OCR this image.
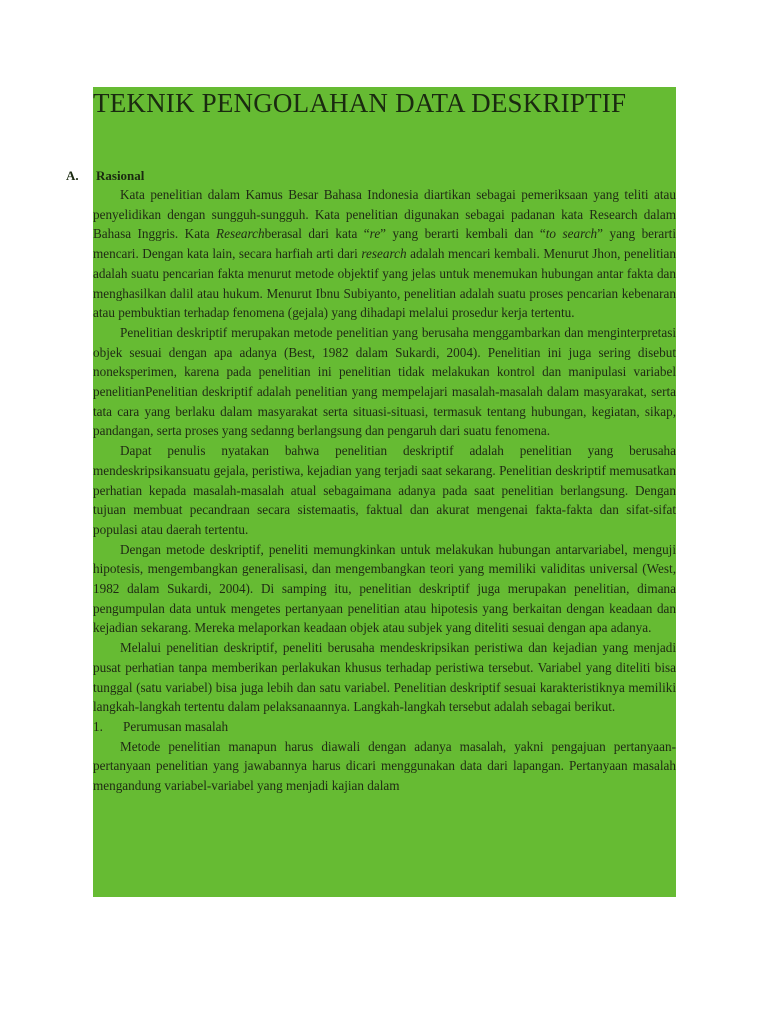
TEKNIK PENGOLAHAN DATA DESKRIPTIF
A. Rasional

Kata penelitian dalam Kamus Besar Bahasa Indonesia diartikan sebagai pemeriksaan yang teliti atau penyelidikan dengan sungguh-sungguh. Kata penelitian digunakan sebagai padanan kata Research dalam Bahasa Inggris. Kata Researchberasal dari kata “re” yang berarti kembali dan “to search” yang berarti mencari. Dengan kata lain, secara harfiah arti dari research adalah mencari kembali. Menurut Jhon, penelitian adalah suatu pencarian fakta menurut metode objektif yang jelas untuk menemukan hubungan antar fakta dan menghasilkan dalil atau hukum. Menurut Ibnu Subiyanto, penelitian adalah suatu proses pencarian kebenaran atau pembuktian terhadap fenomena (gejala) yang dihadapi melalui prosedur kerja tertentu.

Penelitian deskriptif merupakan metode penelitian yang berusaha menggambarkan dan menginterpretasi objek sesuai dengan apa adanya (Best, 1982 dalam Sukardi, 2004). Penelitian ini juga sering disebut noneksperimen, karena pada penelitian ini penelitian tidak melakukan kontrol dan manipulasi variabel penelitianPenelitian deskriptif adalah penelitian yang mempelajari masalah-masalah dalam masyarakat, serta tata cara yang berlaku dalam masyarakat serta situasi-situasi, termasuk tentang hubungan, kegiatan, sikap, pandangan, serta proses yang sedanng berlangsung dan pengaruh dari suatu fenomena.

Dapat penulis nyatakan bahwa penelitian deskriptif adalah penelitian yang berusaha mendeskripsikansuatu gejala, peristiwa, kejadian yang terjadi saat sekarang. Penelitian deskriptif memusatkan perhatian kepada masalah-masalah atual sebagaimana adanya pada saat penelitian berlangsung. Dengan tujuan membuat pecandraan secara sistemaatis, faktual dan akurat mengenai fakta-fakta dan sifat-sifat populasi atau daerah tertentu.

Dengan metode deskriptif, peneliti memungkinkan untuk melakukan hubungan antarvariabel, menguji hipotesis, mengembangkan generalisasi, dan mengembangkan teori yang memiliki validitas universal (West, 1982 dalam Sukardi, 2004). Di samping itu, penelitian deskriptif juga merupakan penelitian, dimana pengumpulan data untuk mengetes pertanyaan penelitian atau hipotesis yang berkaitan dengan keadaan dan kejadian sekarang. Mereka melaporkan keadaan objek atau subjek yang diteliti sesuai dengan apa adanya.

Melalui penelitian deskriptif, peneliti berusaha mendeskripsikan peristiwa dan kejadian yang menjadi pusat perhatian tanpa memberikan perlakukan khusus terhadap peristiwa tersebut. Variabel yang diteliti bisa tunggal (satu variabel) bisa juga lebih dan satu variabel. Penelitian deskriptif sesuai karakteristiknya memiliki langkah-langkah tertentu dalam pelaksanaannya. Langkah-langkah tersebut adalah sebagai berikut.

1. Perumusan masalah

Metode penelitian manapun harus diawali dengan adanya masalah, yakni pengajuan pertanyaan-pertanyaan penelitian yang jawabannya harus dicari menggunakan data dari lapangan. Pertanyaan masalah mengandung variabel-variabel yang menjadi kajian dalam
